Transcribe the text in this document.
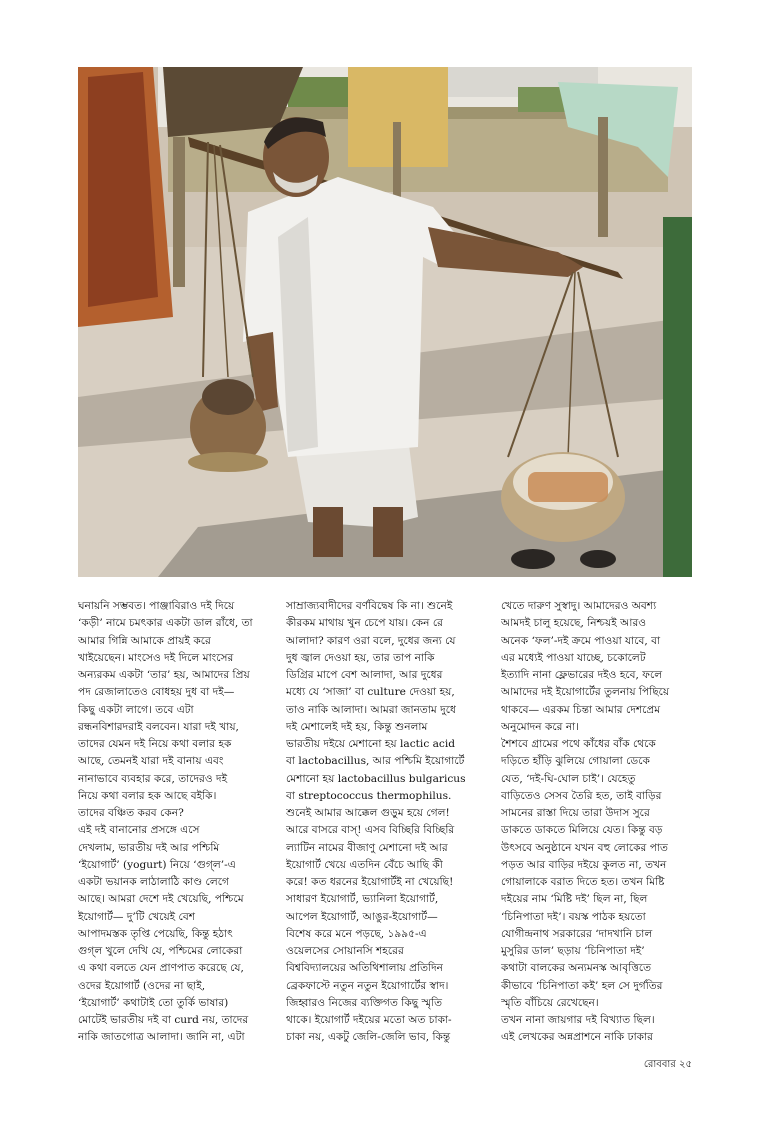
ঘনায়নি সম্ভবত। পাঞ্জাবিরাও দই দিয়ে
‘কড়ী’ নামে চমৎকার একটা ডাল রাঁধে, তা
আমার গিন্নি আমাকে প্রায়ই করে
খাইয়েছেন। মাংসেও দই দিলে মাংসের
অন্যরকম একটা ‘তার’ হয়, আমাদের প্রিয়
পদ রেজালাতেও বোধহয় দুধ বা দই—
কিছু একটা লাগে। তবে এটা
রন্ধনবিশারদরাই বলবেন। যারা দই খায়,
তাদের যেমন দই নিয়ে কথা বলার হক
আছে, তেমনই যারা দই বানায় এবং
নানাভাবে ব্যবহার করে, তাদেরও দই
নিয়ে কথা বলার হক আছে বইকি।
তাদের বঞ্চিত করব কেন?
এই দই বানানোর প্রসঙ্গে এসে
দেখলাম, ভারতীয় দই আর পশ্চিমি
‘ইয়োগার্ট’ (yogurt) নিয়ে ‘গুগ্‌ল’-এ
একটা ভয়ানক লাঠালাঠি কাণ্ড লেগে
আছে। আমরা দেশে দই খেয়েছি, পশ্চিমে
ইয়োগার্ট— দু’টি খেয়েই বেশ
আপাদমস্তক তৃপ্তি পেয়েছি, কিন্তু হঠাৎ
গুগ্‌ল খুলে দেখি যে, পশ্চিমের লোকেরা
এ কথা বলতে যেন প্রাণপাত করেছে যে,
ওদের ইয়োগার্ট (ওদের না ছাই,
‘ইয়োগার্ট’ কথাটাই তো তুর্কি ভাষার)
মোটেই ভারতীয় দই বা curd নয়, তাদের
নাকি জাতগোত্র আলাদা। জানি না, এটা
সাম্রাজ্যবাদীদের বর্ণবিদ্বেষ কি না। শুনেই
কীরকম মাথায় খুন চেপে যায়। কেন রে
আলাদা? কারণ ওরা বলে, দুধের জন্য যে
দুধ জ্বাল দেওয়া হয়, তার তাপ নাকি
ডিগ্রির মাপে বেশ আলাদা, আর দুধের
মধ্যে যে ‘সাজা’ বা culture দেওয়া হয়,
তাও নাকি আলাদা। আমরা জানতাম দুধে
দই মেশালেই দই হয়, কিন্তু শুনলাম
ভারতীয় দইয়ে মেশানো হয় lactic acid
বা lactobacillus, আর পশ্চিমি ইয়োগার্টে
মেশানো হয় lactobacillus bulgaricus
বা streptococcus thermophilus.
শুনেই আমার আক্কেল গুড়ুম হয়ে গেল!
আরে বাসরে বাস্‌! এসব বিচ্ছিরি বিচ্ছিরি
ল্যাটিন নামের বীজাণু মেশানো দই আর
ইয়োগার্ট খেয়ে এতদিন বেঁচে আছি কী
করে! কত ধরনের ইয়োগার্টই না খেয়েছি!
সাধারণ ইয়োগার্ট, ভ্যানিলা ইয়োগার্ট,
আপেল ইয়োগার্ট, আঙুর-ইয়োগার্ট—
বিশেষ করে মনে পড়ছে, ১৯৯৫-এ
ওয়েলসের সোয়ানসি শহরের
বিশ্ববিদ্যালয়ের অতিথিশালায় প্রতিদিন
ব্রেকফাস্টে নতুন নতুন ইয়োগার্টের স্বাদ।
জিহ্বারও নিজের ব্যক্তিগত কিছু স্মৃতি
থাকে। ইয়োগার্ট দইয়ের মতো অত চাকা-
চাকা নয়, একটু জেলি-জেলি ভাব, কিন্তু
খেতে দারুণ সুস্বাদু। আমাদেরও অবশ্য
আমদই চালু হয়েছে, নিশ্চয়ই আরও
অনেক ‘ফল’-দই ক্রমে পাওয়া যাবে, বা
এর মধ্যেই পাওয়া যাচ্ছে, চকোলেট
ইত্যাদি নানা ফ্লেভারের দইও হবে, ফলে
আমাদের দই ইয়োগার্টের তুলনায় পিছিয়ে
থাকবে— এরকম চিন্তা আমার দেশপ্রেম
অনুমোদন করে না।
শৈশবে গ্রামের পথে কাঁধের বাঁক থেকে
দড়িতে হাঁড়ি ঝুলিয়ে গোয়ালা ডেকে
যেত, ‘দই-ঘি-ঘোল চাই’। যেহেতু
বাড়িতেও সেসব তৈরি হত, তাই বাড়ির
সামনের রাস্তা দিয়ে তারা উদাস সুরে
ডাকতে ডাকতে মিলিয়ে যেত। কিন্তু বড়
উৎসবে অনুষ্ঠানে যখন বহু লোকের পাত
পড়ত আর বাড়ির দইয়ে কুলত না, তখন
গোয়ালাকে বরাত দিতে হত। তখন মিষ্টি
দইয়ের নাম ‘মিষ্টি দই’ ছিল না, ছিল
‘চিনিপাতা দই’। বয়স্ক পাঠক হয়তো
যোগীন্দ্রনাথ সরকারের ‘দাদখানি চাল
মুসুরির ডাল’ ছড়ায় ‘চিনিপাতা দই’
কথাটা বালকের অন্যমনস্ক আবৃত্তিতে
কীভাবে ‘চিনিপাতা কই’ হল সে দুর্গতির
স্মৃতি বাঁচিয়ে রেখেছেন।
তখন নানা জায়গার দই বিখ্যাত ছিল।
এই লেখকের অন্নপ্রাশনে নাকি ঢাকার
রোববার ২৫
